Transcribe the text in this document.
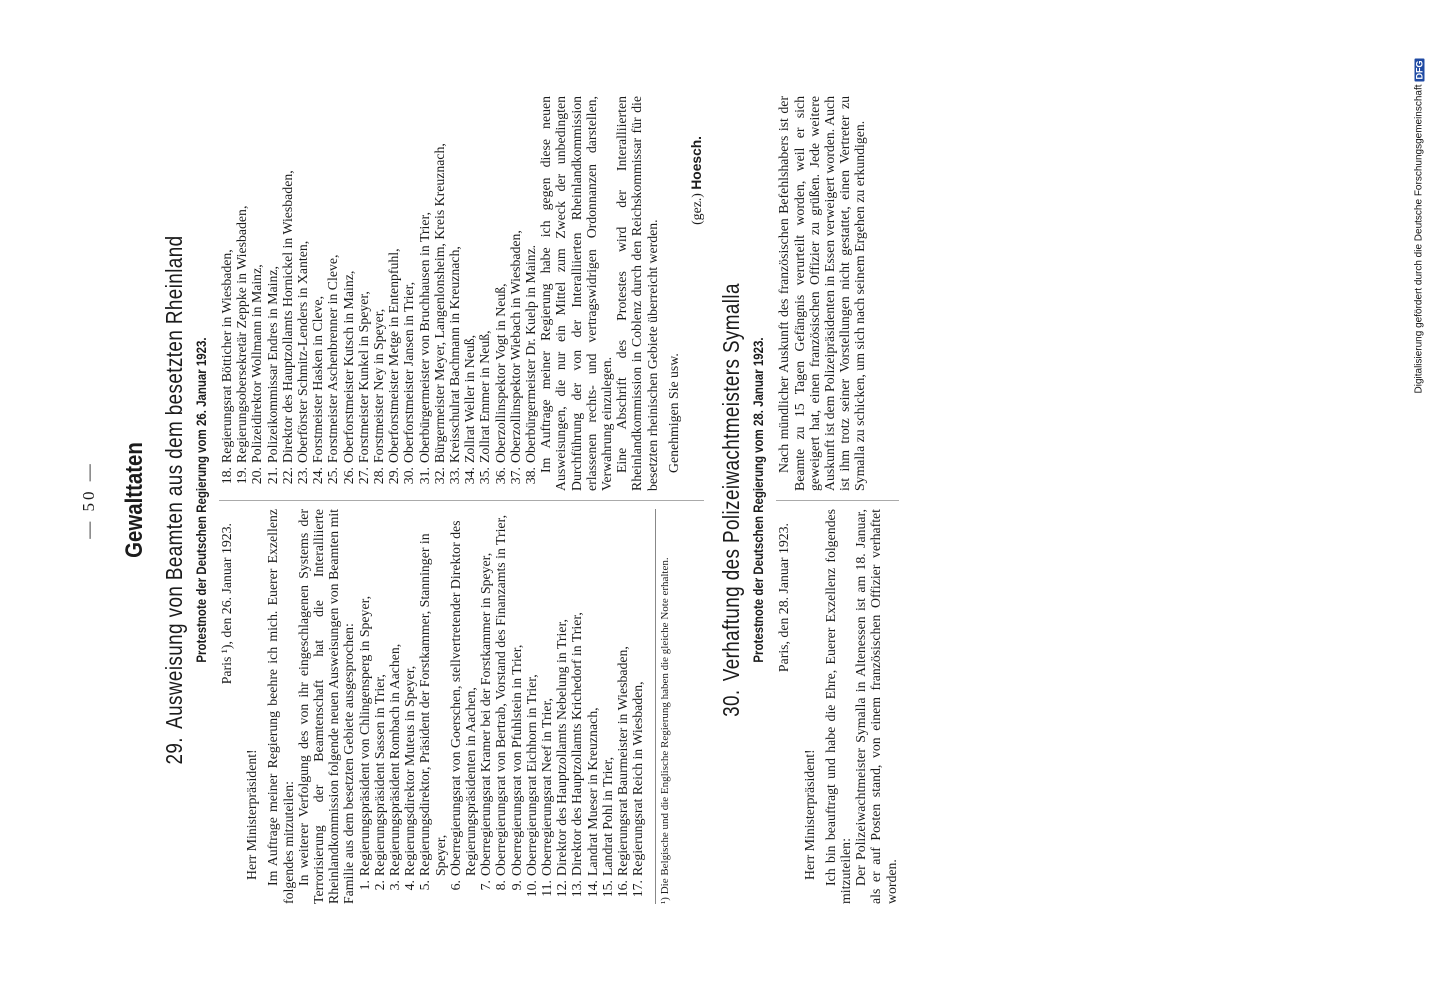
— 50 — Gewalttaten
29.Ausweisung von Beamten aus dem besetzten Rheinland Protestnote der Deutschen Regierung vom 26. Januar 1923. Paris ¹), den 26. Januar 1923.

Herr Ministerpräsident! Im Auftrage meiner Regierung beehre ich mich. Euerer Exzellenz folgendes mitzuteilen: In weiterer Verfolgung des von ihr eingeschlagenen Systems der Terrorisierung der Beamtenschaft hat die Interalliierte Rheinlandkommission folgende neuen Ausweisungen von Beamten mit Familie aus dem besetzten Gebiete ausgesprochen: 1.
Regierungspräsident von Chlingensperg in Speyer,
2.
Regierungspräsident Sassen in Trier,
3.
Regierungspräsident Rombach in Aachen,
4.
Regierungsdirektor Muteus in Speyer,
5.
Regierungsdirektor, Präsident der Forstkammer, Stanninger in Speyer,
6.
Oberregierungsrat von Goerschen, stellvertretender Direktor des Regierungspräsidenten in Aachen,
7.
Oberregierungsrat Kramer bei der Forstkammer in Speyer,
8.
Oberregierungsrat von Bertrab, Vorstand des Finanzamts in Trier,
9.
Oberregierungsrat von Pfuhlstein in Trier,
10.
Oberregierungsrat Eichhorn in Trier,
11.
Oberregierungsrat Neef in Trier,
12.
Direktor des Hauptzollamts Nebelung in Trier,
13.
Direktor des Hauptzollamts Krichedorf in Trier,
14.
Landrat Mueser in Kreuznach,
15.
Landrat Pohl in Trier,
16.
Regierungsrat Baurmeister in Wiesbaden,
17.
Regierungsrat Reich in Wiesbaden,	¹) Die Belgische und die Englische Regierung haben die gleiche Note erhalten.
18.
Regierungsrat Bötticher in Wiesbaden,
19.
Regierungsobersekretär Zeppke in Wiesbaden,
20.
Polizeidirektor Wollmann in Mainz,
21.
Polizeikommissar Endres in Mainz,
22.
Direktor des Hauptzollamts Hornickel in Wiesbaden,
23.
Oberförster Schmitz-Lenders in Xanten,
24.
Forstmeister Hasken in Cleve,
25.
Forstmeister Aschenbrenner in Cleve,
26.
Oberforstmeister Kutsch in Mainz,
27.
Forstmeister Kunkel in Speyer,
28.
Forstmeister Ney in Speyer,
29.
Oberforstmeister Metge in Entenpfuhl,
30.
Oberforstmeister Jansen in Trier,
31.
Oberbürgermeister von Bruchhausen in Trier,
32.
Bürgermeister Meyer, Langenlonsheim, Kreis Kreuznach,
33.
Kreisschulrat Bachmann in Kreuznach,
34.
Zollrat Weller in Neuß,
35.
Zollrat Emmer in Neuß,
36.
Oberzollinspektor Vogt in Neuß,
37.
Oberzollinspektor Wiebach in Wiesbaden,
38.
Oberbürgermeister Dr. Kuelp in Mainz. Im Auftrage meiner Regierung habe ich gegen diese neuen Ausweisungen, die nur ein Mittel zum Zweck der unbedingten Durchführung der von der Interalliierten Rheinlandkommission erlassenen rechts- und vertragswidrigen Ordonnanzen darstellen, Verwahrung einzulegen. Eine Abschrift des Protestes wird der Interalliierten Rheinlandkommission in Coblenz durch den Reichskommissar für die besetzten rheinischen Gebiete überreicht werden. Genehmigen Sie usw.

(gez.) Hoesch.

30.Verhaftung des Polizeiwachtmeisters Symalla Protestnote der Deutschen Regierung vom 28. Januar 1923. Paris, den 28. Januar 1923.

Herr Ministerpräsident! Ich bin beauftragt und habe die Ehre, Euerer Exzellenz folgendes mitzuteilen: Der Polizeiwachtmeister Symalla in Altenessen ist am 18. Januar, als er auf Posten stand, von einem französischen Offizier verhaftet worden.

Nach mündlicher Auskunft des französischen Befehlshabers ist der Beamte zu 15 Tagen Gefängnis verurteilt worden, weil er sich geweigert hat, einen französischen Offizier zu grüßen. Jede weitere Auskunft ist dem Polizeipräsidenten in Essen verweigert worden. Auch ist ihm trotz seiner Vorstellungen nicht gestattet, einen Vertreter zu Symalla zu schicken, um sich nach seinem Ergehen zu erkundigen.	Digitalisierung gefördert durch die Deutsche Forschungsgemeinschaft
DFG
